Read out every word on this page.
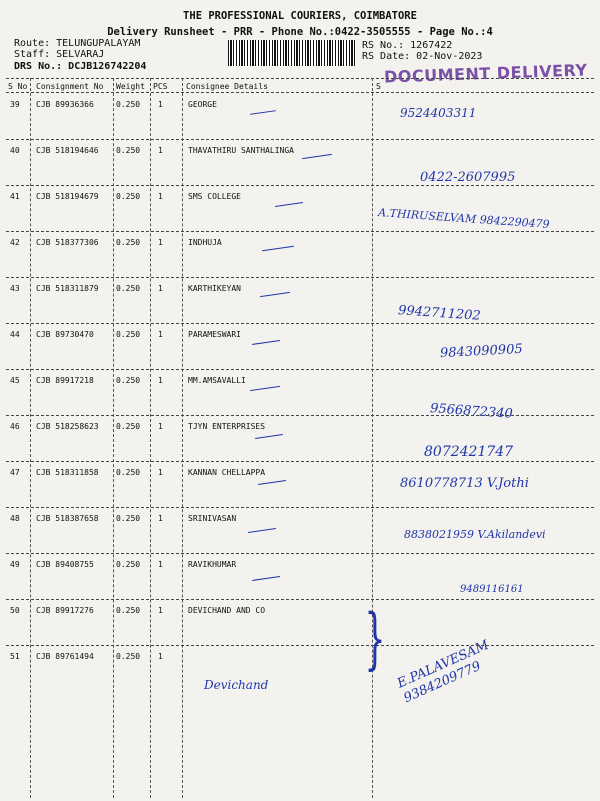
THE PROFESSIONAL COURIERS, COIMBATORE
Delivery Runsheet - PRR - Phone No.:0422-3505555 - Page No.:4
Route: TELUNGUPALAYAM
Staff: SELVARAJ
DRS No.: DCJB126742204
RS No.: 1267422
RS Date: 02-Nov-2023
DOCUMENT DELIVERY
S No Consignment No Weight PCS Consignee Details	S
39 CJB 89936366	0.250 1	GEORGE
9524403311
40 CJB 518194646 0.250 1	THAVATHIRU SANTHALINGA
0422-2607995
41 CJB 518194679 0.250 1	SMS COLLEGE
A.THIRUSELVAM 9842290479
42 CJB 518377306 0.250 1	INDHUJA
43 CJB 518311879 0.250 1	KARTHIKEYAN
9942711202
44 CJB 89730470	0.250 1	PARAMESWARI
9843090905
45 CJB 89917218	0.250 1	MM.AMSAVALLI
9566872340
46 CJB 518258623 0.250 1	TJYN ENTERPRISES
8072421747
47 CJB 518311858 0.250 1	KANNAN CHELLAPPA
8610778713 V.Jothi
48 CJB 518387658 0.250 1	SRINIVASAN
8838021959 V.Akilandevi
49 CJB 89408755	0.250 1	RAVIKHUMAR
9489116161
50 CJB 89917276	0.250 1	DEVICHAND AND CO
E.PALAVESAM 9384209779
51 CJB 89761494	0.250 1
Devichand
}
